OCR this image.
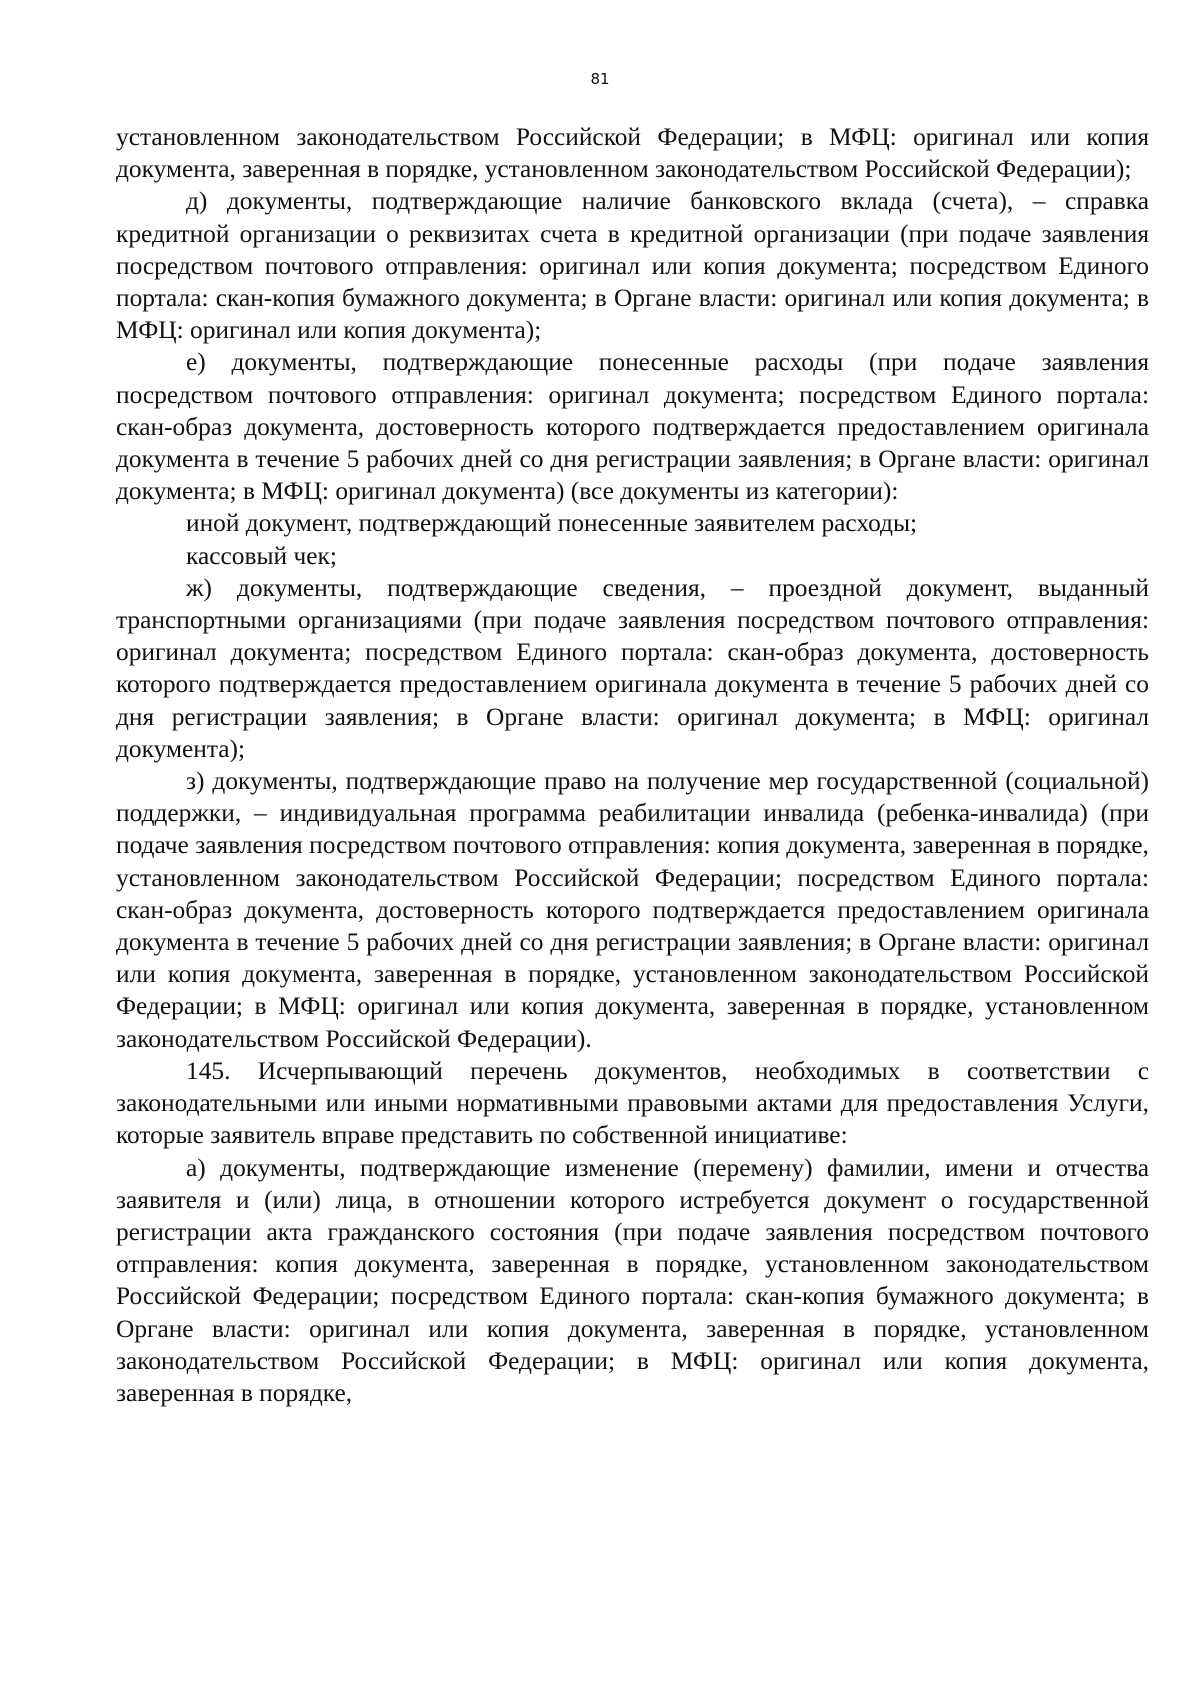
81

установленном законодательством Российской Федерации; в МФЦ: оригинал или копия документа, заверенная в порядке, установленном законодательством Российской Федерации);

д) документы, подтверждающие наличие банковского вклада (счета), – справка кредитной организации о реквизитах счета в кредитной организации (при подаче заявления посредством почтового отправления: оригинал или копия документа; посредством Единого портала: скан-копия бумажного документа; в Органе власти: оригинал или копия документа; в МФЦ: оригинал или копия документа);

е) документы, подтверждающие понесенные расходы (при подаче заявления посредством почтового отправления: оригинал документа; посредством Единого портала: скан-образ документа, достоверность которого подтверждается предоставлением оригинала документа в течение 5 рабочих дней со дня регистрации заявления; в Органе власти: оригинал документа; в МФЦ: оригинал документа) (все документы из категории):

иной документ, подтверждающий понесенные заявителем расходы;

кассовый чек;

ж) документы, подтверждающие сведения, – проездной документ, выданный транспортными организациями (при подаче заявления посредством почтового отправления: оригинал документа; посредством Единого портала: скан-образ документа, достоверность которого подтверждается предоставлением оригинала документа в течение 5 рабочих дней со дня регистрации заявления; в Органе власти: оригинал документа; в МФЦ: оригинал документа);

з) документы, подтверждающие право на получение мер государственной (социальной) поддержки, – индивидуальная программа реабилитации инвалида (ребенка-инвалида) (при подаче заявления посредством почтового отправления: копия документа, заверенная в порядке, установленном законодательством Российской Федерации; посредством Единого портала: скан-образ документа, достоверность которого подтверждается предоставлением оригинала документа в течение 5 рабочих дней со дня регистрации заявления; в Органе власти: оригинал или копия документа, заверенная в порядке, установленном законодательством Российской Федерации; в МФЦ: оригинал или копия документа, заверенная в порядке, установленном законодательством Российской Федерации).

145. Исчерпывающий перечень документов, необходимых в соответствии с законодательными или иными нормативными правовыми актами для предоставления Услуги, которые заявитель вправе представить по собственной инициативе:

а) документы, подтверждающие изменение (перемену) фамилии, имени и отчества заявителя и (или) лица, в отношении которого истребуется документ о государственной регистрации акта гражданского состояния (при подаче заявления посредством почтового отправления: копия документа, заверенная в порядке, установленном законодательством Российской Федерации; посредством Единого портала: скан-копия бумажного документа; в Органе власти: оригинал или копия документа, заверенная в порядке, установленном законодательством Российской Федерации; в МФЦ: оригинал или копия документа, заверенная в порядке,
